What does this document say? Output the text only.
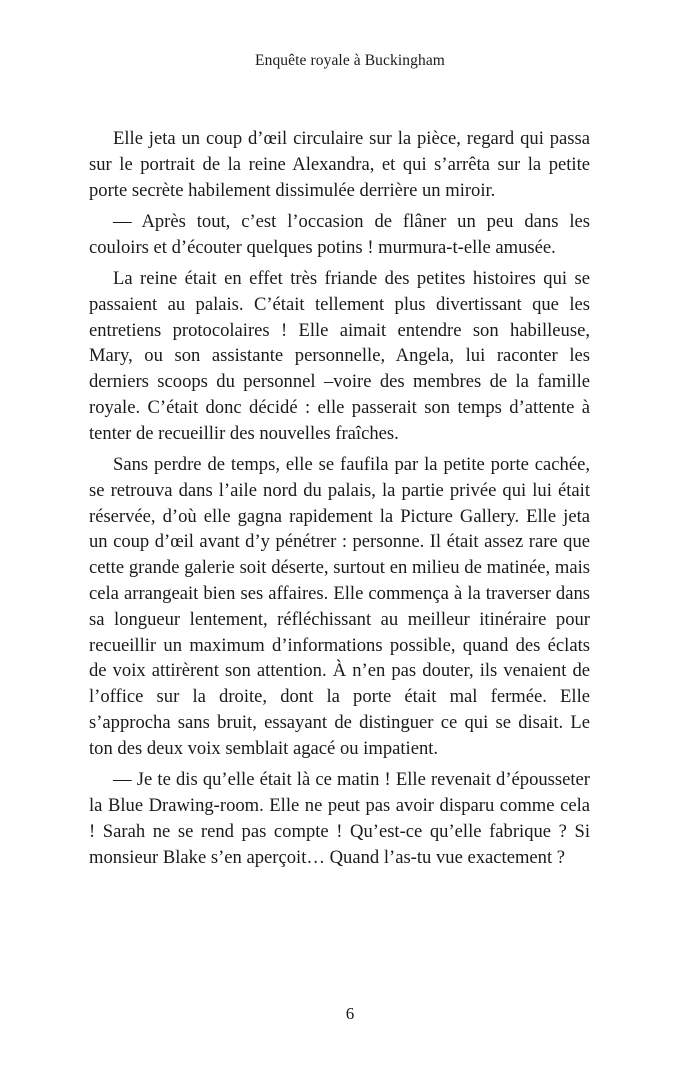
Enquête royale à Buckingham

Elle jeta un coup d’œil circulaire sur la pièce, regard qui passa sur le portrait de la reine Alexandra, et qui s’arrêta sur la petite porte secrète habilement dissimulée derrière un miroir.

— Après tout, c’est l’occasion de flâner un peu dans les couloirs et d’écouter quelques potins ! murmura-t-elle amusée.

La reine était en effet très friande des petites histoires qui se passaient au palais. C’était tellement plus divertissant que les entretiens protocolaires ! Elle aimait entendre son habilleuse, Mary, ou son assistante personnelle, Angela, lui raconter les derniers scoops du personnel –voire des membres de la famille royale. C’était donc décidé : elle passerait son temps d’attente à tenter de recueillir des nouvelles fraîches.

Sans perdre de temps, elle se faufila par la petite porte cachée, se retrouva dans l’aile nord du palais, la partie privée qui lui était réservée, d’où elle gagna rapidement la Picture Gallery. Elle jeta un coup d’œil avant d’y pénétrer : personne. Il était assez rare que cette grande galerie soit déserte, surtout en milieu de matinée, mais cela arrangeait bien ses affaires. Elle commença à la traverser dans sa longueur lentement, réfléchissant au meilleur itinéraire pour recueillir un maximum d’informations possible, quand des éclats de voix attirèrent son attention. À n’en pas douter, ils venaient de l’office sur la droite, dont la porte était mal fermée. Elle s’approcha sans bruit, essayant de distinguer ce qui se disait. Le ton des deux voix semblait agacé ou impatient.

— Je te dis qu’elle était là ce matin ! Elle revenait d’épousseter la Blue Drawing-room. Elle ne peut pas avoir disparu comme cela ! Sarah ne se rend pas compte ! Qu’est-ce qu’elle fabrique ? Si monsieur Blake s’en aperçoit… Quand l’as-tu vue exactement ?

6
